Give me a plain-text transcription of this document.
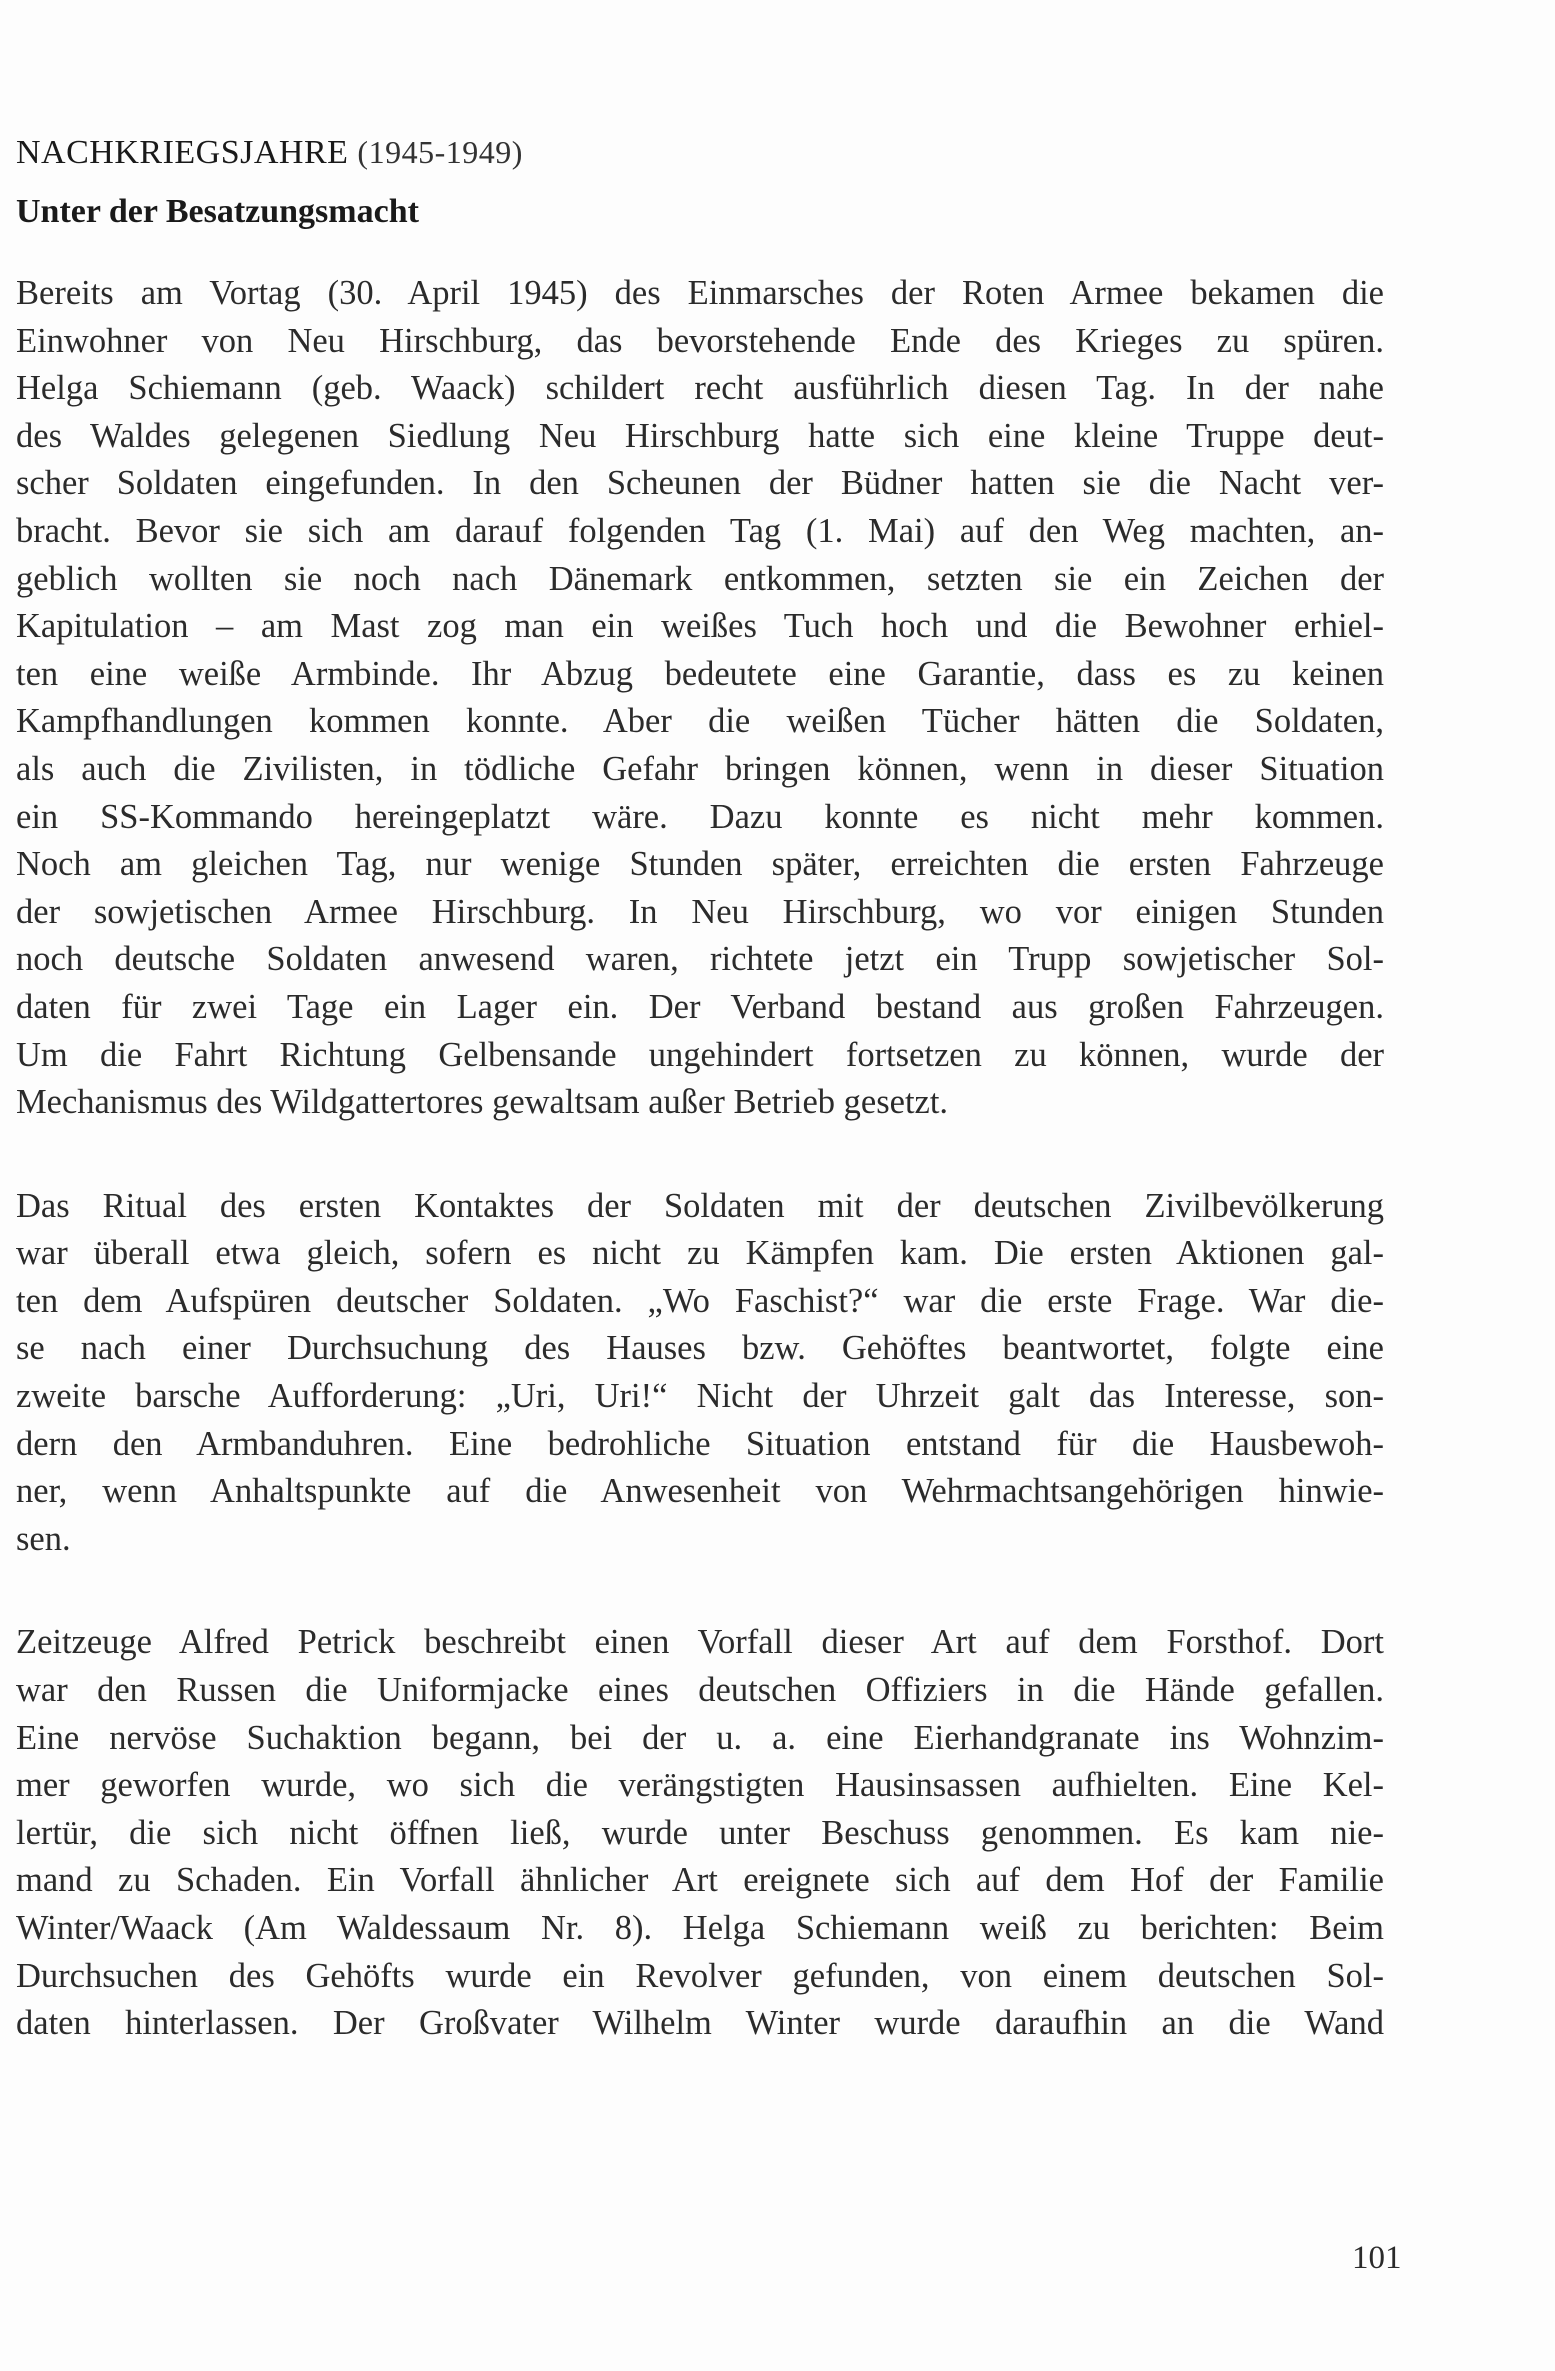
NACHKRIEGSJAHRE (1945-1949)
Unter der Besatzungsmacht
Bereits am Vortag (30. April 1945) des Einmarsches der Roten Armee bekamen die
Einwohner von Neu Hirschburg, das bevorstehende Ende des Krieges zu spüren.
Helga Schiemann (geb. Waack) schildert recht ausführlich diesen Tag. In der nahe
des Waldes gelegenen Siedlung Neu Hirschburg hatte sich eine kleine Truppe deut-
scher Soldaten eingefunden. In den Scheunen der Büdner hatten sie die Nacht ver-
bracht. Bevor sie sich am darauf folgenden Tag (1. Mai) auf den Weg machten, an-
geblich wollten sie noch nach Dänemark entkommen, setzten sie ein Zeichen der
Kapitulation – am Mast zog man ein weißes Tuch hoch und die Bewohner erhiel-
ten eine weiße Armbinde. Ihr Abzug bedeutete eine Garantie, dass es zu keinen
Kampfhandlungen kommen konnte. Aber die weißen Tücher hätten die Soldaten,
als auch die Zivilisten, in tödliche Gefahr bringen können, wenn in dieser Situation
ein SS-Kommando hereingeplatzt wäre. Dazu konnte es nicht mehr kommen.
Noch am gleichen Tag, nur wenige Stunden später, erreichten die ersten Fahrzeuge
der sowjetischen Armee Hirschburg. In Neu Hirschburg, wo vor einigen Stunden
noch deutsche Soldaten anwesend waren, richtete jetzt ein Trupp sowjetischer Sol-
daten für zwei Tage ein Lager ein. Der Verband bestand aus großen Fahrzeugen.
Um die Fahrt Richtung Gelbensande ungehindert fortsetzen zu können, wurde der
Mechanismus des Wildgattertores gewaltsam außer Betrieb gesetzt.
Das Ritual des ersten Kontaktes der Soldaten mit der deutschen Zivilbevölkerung
war überall etwa gleich, sofern es nicht zu Kämpfen kam. Die ersten Aktionen gal-
ten dem Aufspüren deutscher Soldaten. „Wo Faschist?“ war die erste Frage. War die-
se nach einer Durchsuchung des Hauses bzw. Gehöftes beantwortet, folgte eine
zweite barsche Aufforderung: „Uri, Uri!“ Nicht der Uhrzeit galt das Interesse, son-
dern den Armbanduhren. Eine bedrohliche Situation entstand für die Hausbewoh-
ner, wenn Anhaltspunkte auf die Anwesenheit von Wehrmachtsangehörigen hinwie-
sen.
Zeitzeuge Alfred Petrick beschreibt einen Vorfall dieser Art auf dem Forsthof. Dort
war den Russen die Uniformjacke eines deutschen Offiziers in die Hände gefallen.
Eine nervöse Suchaktion begann, bei der u. a. eine Eierhandgranate ins Wohnzim-
mer geworfen wurde, wo sich die verängstigten Hausinsassen aufhielten. Eine Kel-
lertür, die sich nicht öffnen ließ, wurde unter Beschuss genommen. Es kam nie-
mand zu Schaden. Ein Vorfall ähnlicher Art ereignete sich auf dem Hof der Familie
Winter/Waack (Am Waldessaum Nr. 8). Helga Schiemann weiß zu berichten: Beim
Durchsuchen des Gehöfts wurde ein Revolver gefunden, von einem deutschen Sol-
daten hinterlassen. Der Großvater Wilhelm Winter wurde daraufhin an die Wand
101
